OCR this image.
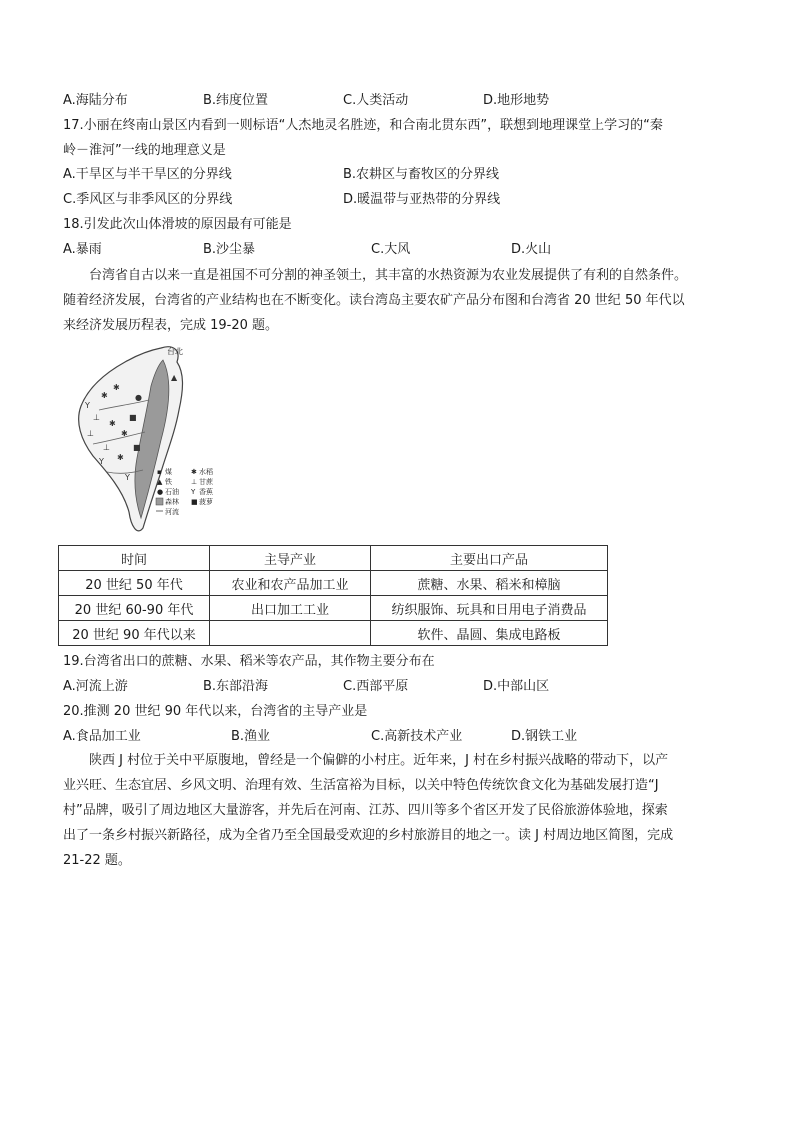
A.海陆分布	B.纬度位置	C.人类活动	D.地形地势
17.小丽在终南山景区内看到一则标语“人杰地灵名胜迹，和合南北贯东西”，联想到地理课堂上学习的“秦
岭－淮河”一线的地理意义是
A.干旱区与半干旱区的分界线	B.农耕区与畜牧区的分界线
C.季风区与非季风区的分界线	D.暖温带与亚热带的分界线
18.引发此次山体滑坡的原因最有可能是
A.暴雨	B.沙尘暴	C.大风	D.火山

台湾省自古以来一直是祖国不可分割的神圣领土，其丰富的水热资源为农业发展提供了有利的自然条件。

随着经济发展，台湾省的产业结构也在不断变化。读台湾岛主要农矿产品分布图和台湾省 20 世纪 50 年代以

来经济发展历程表，完成 19-20 题。

✱
✱
⊥
✱
⊥	✱
⊥
✱
Y
Y
Y
■
●
■
▲
台北
▪ 煤
▲ 铁
● 石油
森林
河流
✱ 水稻
⊥ 甘蔗
Y 香蕉
■ 菠萝
时间	主导产业	主要出口产品
20 世纪 50 年代	农业和农产品加工业	蔗糖、水果、稻米和樟脑
20 世纪 60-90 年代	出口加工工业	纺织服饰、玩具和日用电子消费品
20 世纪 90 年代以来		软件、晶圆、集成电路板
19.台湾省出口的蔗糖、水果、稻米等农产品，其作物主要分布在
A.河流上游	B.东部沿海	C.西部平原	D.中部山区
20.推测 20 世纪 90 年代以来，台湾省的主导产业是
A.食品加工业	B.渔业	C.高新技术产业	D.钢铁工业

陕西 J 村位于关中平原腹地，曾经是一个偏僻的小村庄。近年来，J 村在乡村振兴战略的带动下，以产

业兴旺、生态宜居、乡风文明、治理有效、生活富裕为目标，以关中特色传统饮食文化为基础发展打造“J

村”品牌，吸引了周边地区大量游客，并先后在河南、江苏、四川等多个省区开发了民俗旅游体验地，探索

出了一条乡村振兴新路径，成为全省乃至全国最受欢迎的乡村旅游目的地之一。读 J 村周边地区简图，完成

21-22 题。
